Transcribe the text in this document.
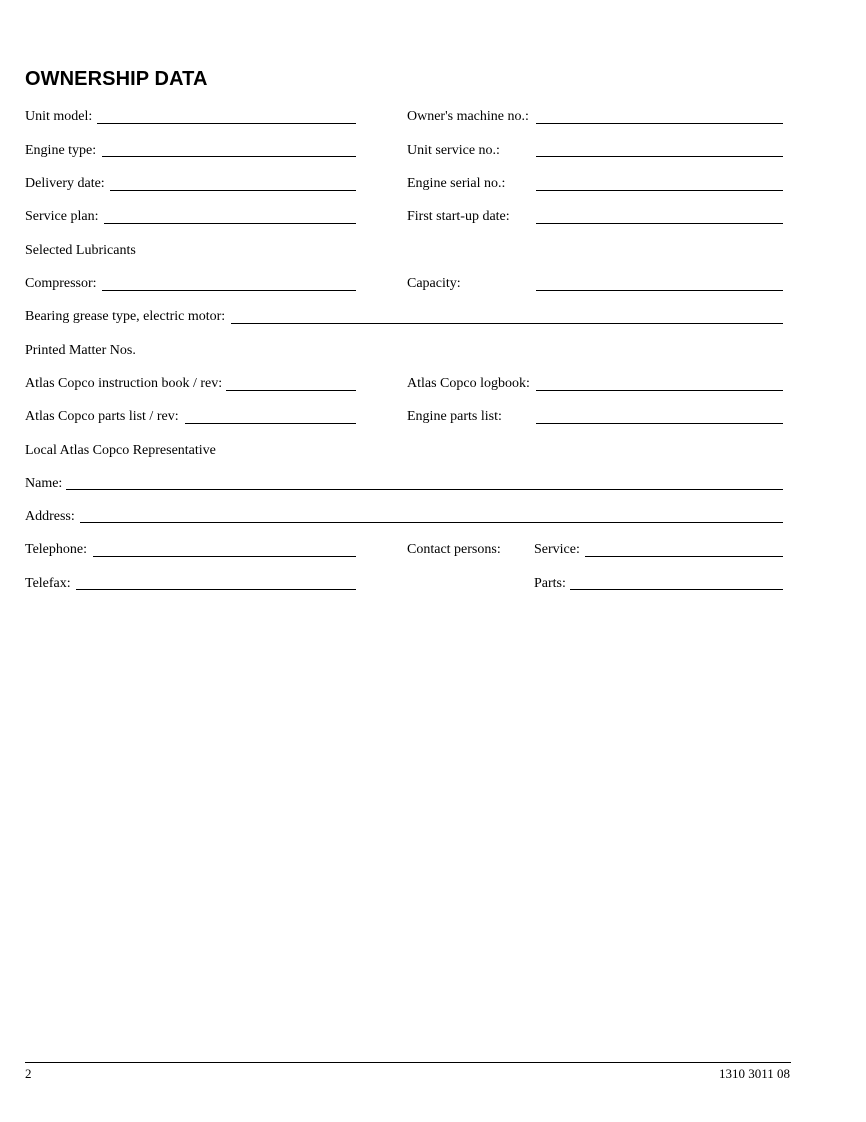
OWNERSHIP DATA
Unit model:	Owner's machine no.:
Engine type:	Unit service no.:
Delivery date:	Engine serial no.:
Service plan:	First start-up date:
Selected Lubricants
Compressor:	Capacity:
Bearing grease type, electric motor:
Printed Matter Nos.
Atlas Copco instruction book / rev:	Atlas Copco logbook:
Atlas Copco parts list / rev:	Engine parts list:
Local Atlas Copco Representative
Name:
Address:
Telephone:	Contact persons: Service:
Telefax:	Parts:
2	1310 3011 08
